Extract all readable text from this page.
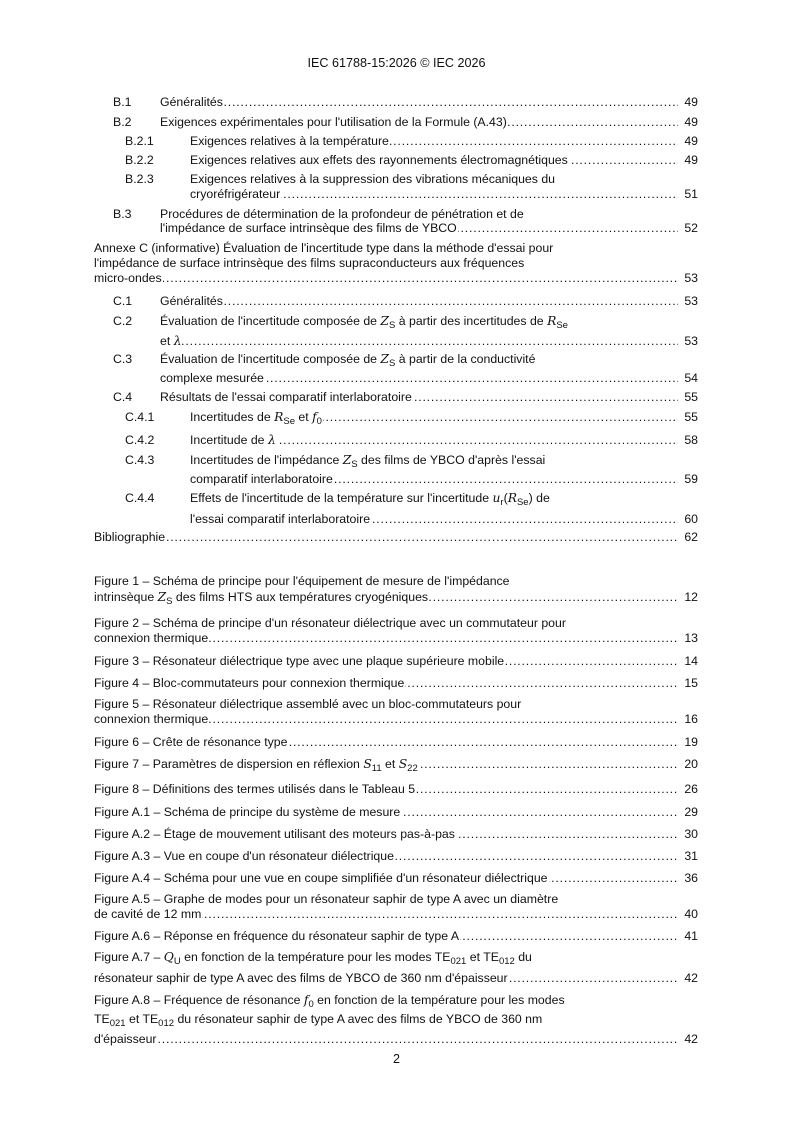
IEC 61788-15:2026 © IEC 2026
B.1 Généralités . . .	49
B.2 Exigences expérimentales pour l'utilisation de la Formule (A.43) . . .	49
B.2.1	Exigences relatives à la température . . .	49
B.2.2	Exigences relatives aux effets des rayonnements électromagnétiques . . .	49
B.2.3	Exigences relatives à la suppression des vibrations mécaniques du
cryoréfrigérateur . . .	51
B.3 Procédures de détermination de la profondeur de pénétration et de
l'impédance de surface intrinsèque des films de YBCO . . .	52
Annexe C (informative) Évaluation de l'incertitude type dans la méthode d'essai pour
l'impédance de surface intrinsèque des films supraconducteurs aux fréquences
micro-ondes . . .	53
C.1 Généralités . . .	53
C.2 Évaluation de l'incertitude composée de $Z_S$ à partir des incertitudes de $R_{Se}$
et λ . . .	53
C.3 Évaluation de l'incertitude composée de $Z_S$ à partir de la conductivité
complexe mesurée . . .	54
C.4 Résultats de l'essai comparatif interlaboratoire . . .	55
C.4.1	Incertitudes de $R_{Se}$ et $f_0$ . . .	55
C.4.2	Incertitude de λ . . .	58
C.4.3	Incertitudes de l'impédance $Z_S$ des films de YBCO d'après l'essai
comparatif interlaboratoire . . .	59
C.4.4	Effets de l'incertitude de la température sur l'incertitude $u_r(R_{Se})$ de
l'essai comparatif interlaboratoire . . .	60
Bibliographie . . .	62
Figure 1 – Schéma de principe pour l'équipement de mesure de l'impédance
intrinsèque $Z_S$ des films HTS aux températures cryogéniques . . .	12
Figure 2 – Schéma de principe d'un résonateur diélectrique avec un commutateur pour
connexion thermique . . .	13
Figure 3 – Résonateur diélectrique type avec une plaque supérieure mobile . . .	14
Figure 4 – Bloc-commutateurs pour connexion thermique . . .	15
Figure 5 – Résonateur diélectrique assemblé avec un bloc-commutateurs pour
connexion thermique . . .	16
Figure 6 – Crête de résonance type . . .	19
Figure 7 – Paramètres de dispersion en réflexion $S_{11}$ et $S_{22}$ . . .	20
Figure 8 – Définitions des termes utilisés dans le Tableau 5 . . .	26
Figure A.1 – Schéma de principe du système de mesure . . .	29
Figure A.2 – Étage de mouvement utilisant des moteurs pas-à-pas . . .	30
Figure A.3 – Vue en coupe d'un résonateur diélectrique . . .	31
Figure A.4 – Schéma pour une vue en coupe simplifiée d'un résonateur diélectrique . . .	36
Figure A.5 – Graphe de modes pour un résonateur saphir de type A avec un diamètre
de cavité de 12 mm . . .	40
Figure A.6 – Réponse en fréquence du résonateur saphir de type A . . .	41
Figure $A.7 - Q_U$ en fonction de la température pour les modes $TE_{021}$ et $TE_{012}$ du
résonateur saphir de type A avec des films de YBCO de 360 nm d'épaisseur . . .	42
Figure A.8 – Fréquence de résonance $f_0$ en fonction de la température pour les modes
$TE_{021}$ et $TE_{012}$ du résonateur saphir de type A avec des films de YBCO de 360 nm
d'épaisseur . . .	42
2
